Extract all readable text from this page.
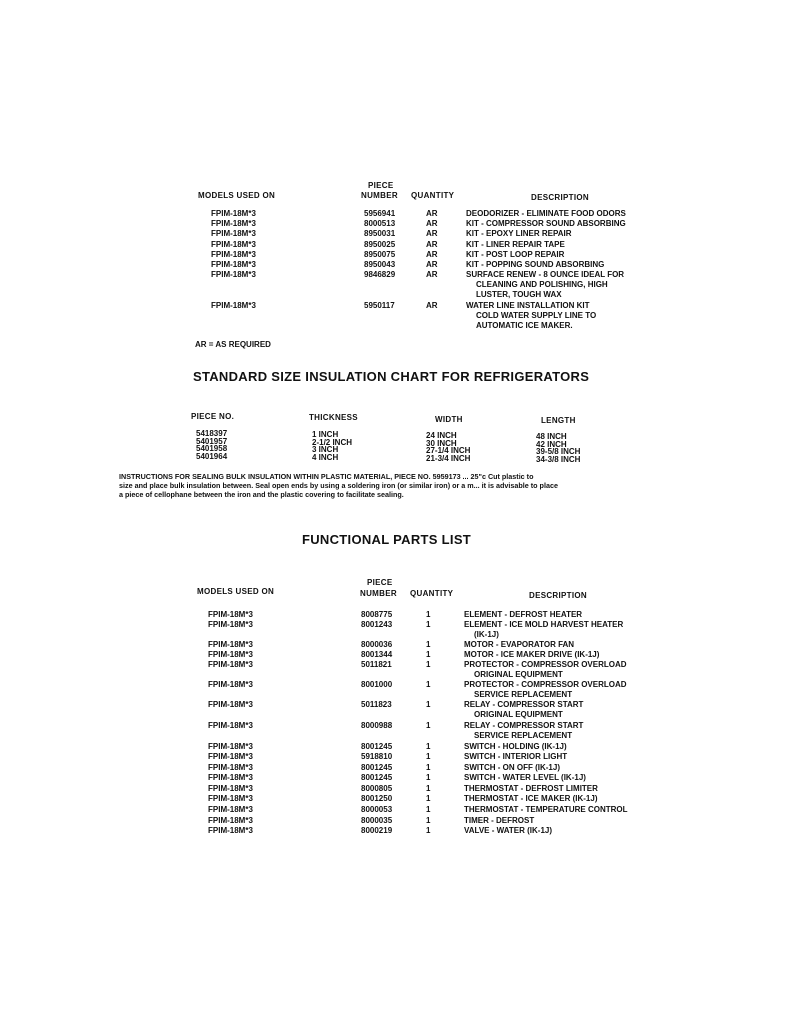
MODELS USED ON
PIECE
NUMBER QUANTITY	DESCRIPTION
FPIM-18M*3	5956941	AR	DEODORIZER - ELIMINATE FOOD ODORS
FPIM-18M*3	8000513	AR	KIT - COMPRESSOR SOUND ABSORBING
FPIM-18M*3	8950031	AR	KIT - EPOXY LINER REPAIR
FPIM-18M*3	8950025	AR	KIT - LINER REPAIR TAPE
FPIM-18M*3	8950075	AR	KIT - POST LOOP REPAIR
FPIM-18M*3	8950043	AR	KIT - POPPING SOUND ABSORBING
FPIM-18M*3	9846829	AR	SURFACE RENEW - 8 OUNCE IDEAL FOR
CLEANING AND POLISHING, HIGH
LUSTER, TOUGH WAX
FPIM-18M*3	5950117	AR	WATER LINE INSTALLATION KIT
COLD WATER SUPPLY LINE TO
AUTOMATIC ICE MAKER.
AR = AS REQUIRED
STANDARD SIZE INSULATION CHART FOR REFRIGERATORS
PIECE NO.	THICKNESS	WIDTH	LENGTH
5418397	1 INCH	24 INCH	48 INCH
5401957	2-1/2 INCH	30 INCH	42 INCH
5401958	3 INCH	27-1/4 INCH	39-5/8 INCH
5401964	4 INCH	21-3/4 INCH	34-3/8 INCH
INSTRUCTIONS FOR SEALING BULK INSULATION WITHIN PLASTIC MATERIAL, PIECE NO. 5959173 ... 25"c Cut plastic to
size and place bulk insulation between. Seal open ends by using a soldering iron (or similar iron) or a m... it is advisable to place
a piece of cellophane between the iron and the plastic covering to facilitate sealing.
FUNCTIONAL PARTS LIST
MODELS USED ON
PIECE
NUMBER QUANTITY	DESCRIPTION
FPIM-18M*3	8008775	1	ELEMENT - DEFROST HEATER
FPIM-18M*3	8001243	1	ELEMENT - ICE MOLD HARVEST HEATER
(IK-1J)
FPIM-18M*3	8000036	1	MOTOR - EVAPORATOR FAN
FPIM-18M*3	8001344	1	MOTOR - ICE MAKER DRIVE (IK-1J)
FPIM-18M*3	5011821	1	PROTECTOR - COMPRESSOR OVERLOAD
ORIGINAL EQUIPMENT
FPIM-18M*3	8001000	1	PROTECTOR - COMPRESSOR OVERLOAD
SERVICE REPLACEMENT
FPIM-18M*3	5011823	1	RELAY - COMPRESSOR START
ORIGINAL EQUIPMENT
FPIM-18M*3	8000988	1	RELAY - COMPRESSOR START
SERVICE REPLACEMENT
FPIM-18M*3	8001245	1	SWITCH - HOLDING (IK-1J)
FPIM-18M*3	5918810	1	SWITCH - INTERIOR LIGHT
FPIM-18M*3	8001245	1	SWITCH - ON OFF (IK-1J)
FPIM-18M*3	8001245	1	SWITCH - WATER LEVEL (IK-1J)
FPIM-18M*3	8000805	1	THERMOSTAT - DEFROST LIMITER
FPIM-18M*3	8001250	1	THERMOSTAT - ICE MAKER (IK-1J)
FPIM-18M*3	8000053	1	THERMOSTAT - TEMPERATURE CONTROL
FPIM-18M*3	8000035	1	TIMER - DEFROST
FPIM-18M*3	8000219	1	VALVE - WATER (IK-1J)
